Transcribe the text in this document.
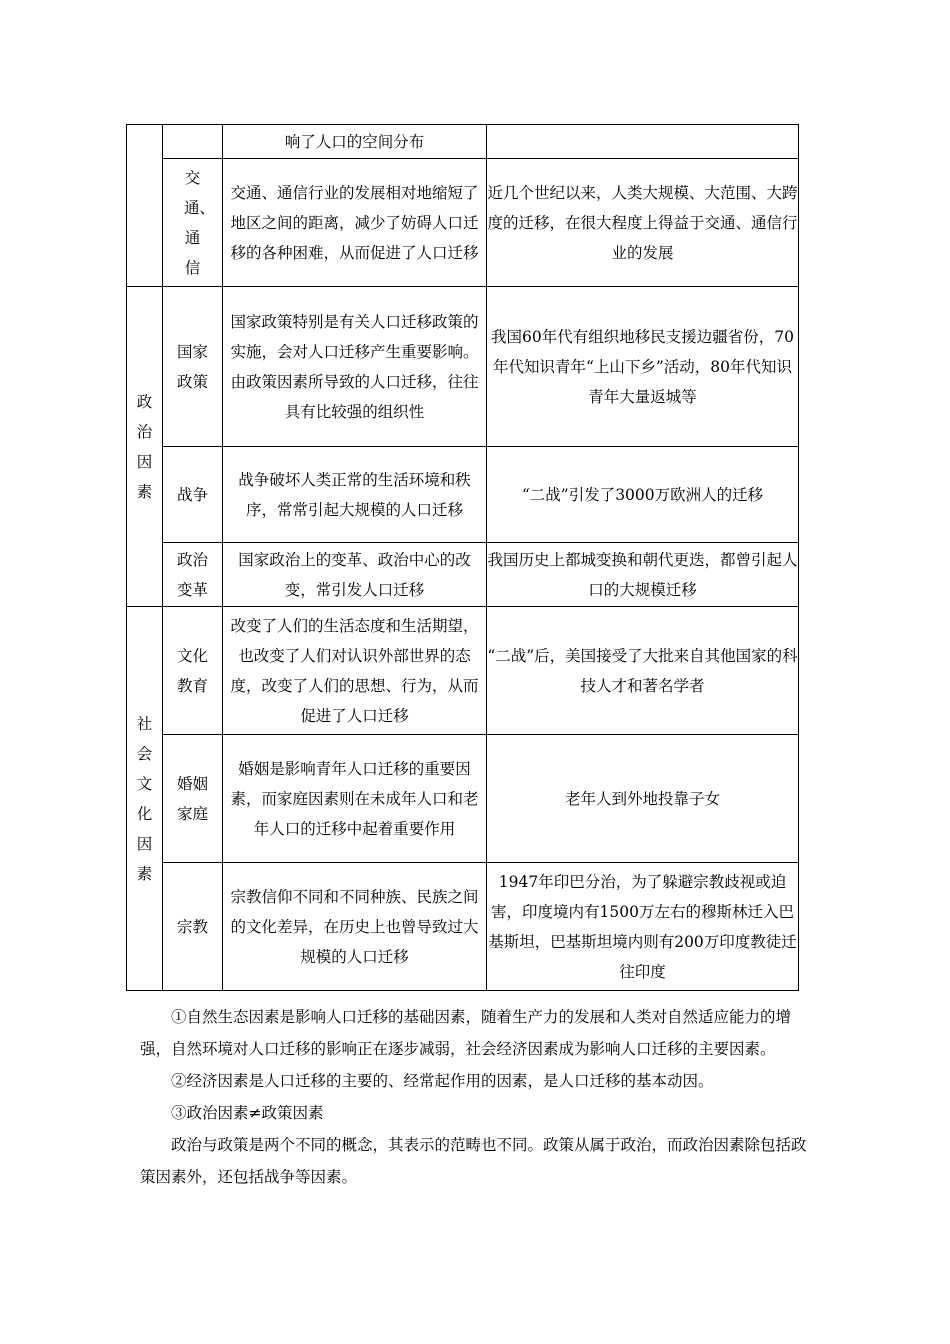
		响了人口的空间分布	
	交通、通信	交通、通信行业的发展相对地缩短了地区之间的距离，减少了妨碍人口迁移的各种困难，从而促进了人口迁移	近几个世纪以来，人类大规模、大范围、大跨度的迁移，在很大程度上得益于交通、通信行业的发展
政治因素	国家政策	国家政策特别是有关人口迁移政策的实施，会对人口迁移产生重要影响。由政策因素所导致的人口迁移，往往具有比较强的组织性	我国60年代有组织地移民支援边疆省份，70年代知识青年“上山下乡”活动，80年代知识青年大量返城等
	战争	战争破坏人类正常的生活环境和秩序，常常引起大规模的人口迁移	“二战”引发了3000万欧洲人的迁移
	政治变革	国家政治上的变革、政治中心的改变，常引发人口迁移	我国历史上都城变换和朝代更迭，都曾引起人口的大规模迁移
社会文化因素	文化教育	改变了人们的生活态度和生活期望，也改变了人们对认识外部世界的态度，改变了人们的思想、行为，从而促进了人口迁移	“二战”后，美国接受了大批来自其他国家的科技人才和著名学者
	婚姻家庭	婚姻是影响青年人口迁移的重要因素，而家庭因素则在未成年人口和老年人口的迁移中起着重要作用	老年人到外地投靠子女
	宗教	宗教信仰不同和不同种族、民族之间的文化差异，在历史上也曾导致过大规模的人口迁移	1947年印巴分治，为了躲避宗教歧视或迫害，印度境内有1500万左右的穆斯林迁入巴基斯坦，巴基斯坦境内则有200万印度教徒迁往印度

①自然生态因素是影响人口迁移的基础因素，随着生产力的发展和人类对自然适应能力的增强，自然环境对人口迁移的影响正在逐步减弱，社会经济因素成为影响人口迁移的主要因素。

②经济因素是人口迁移的主要的、经常起作用的因素，是人口迁移的基本动因。

③政治因素≠政策因素

政治与政策是两个不同的概念，其表示的范畴也不同。政策从属于政治，而政治因素除包括政策因素外，还包括战争等因素。
